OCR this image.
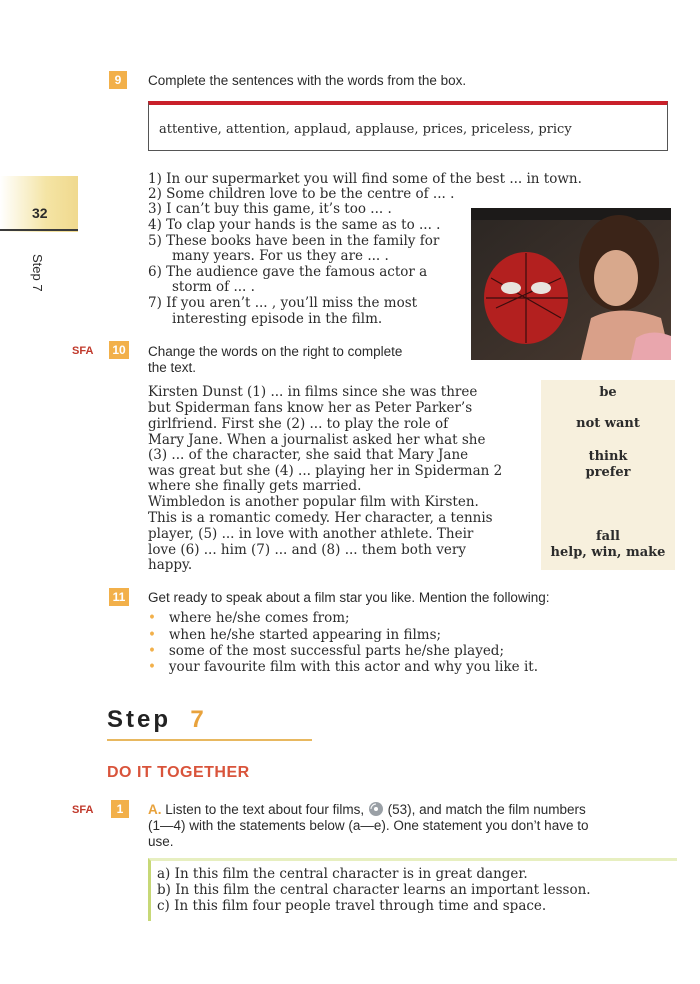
32
Step 7
9	Complete the sentences with the words from the box.
attentive, attention, applaud, applause, prices, priceless, pricy
1) In our supermarket you will find some of the best ... in town.
2) Some children love to be the centre of ... .
3) I can’t buy this game, it’s too ... .
4) To clap your hands is the same as to ... .
5) These books have been in the family for
many years. For us they are ... .
6) The audience gave the famous actor a
storm of ... .
7) If you aren’t ... , you’ll miss the most
interesting episode in the film.
SFA 10 Change the words on the right to complete
the text.
Kirsten Dunst (1) ... in films since she was three
but Spiderman fans know her as Peter Parker’s
girlfriend. First she (2) ... to play the role of
Mary Jane. When a journalist asked her what she
(3) ... of the character, she said that Mary Jane
was great but she (4) ... playing her in Spiderman 2
where she finally gets married.
Wimbledon is another popular film with Kirsten.
This is a romantic comedy. Her character, a tennis
player, (5) ... in love with another athlete. Their
love (6) ... him (7) ... and (8) ... them both very
happy.
be
not want
think
prefer
fall
help, win, make
11 Get ready to speak about a film star you like. Mention the following:
• where he/she comes from;
• when he/she started appearing in films;
• some of the most successful parts he/she played;
• your favourite film with this actor and why you like it.
Step 7
DO IT TOGETHER
SFA	1	A. Listen to the text about four films, (53), and match the film numbers
(1—4) with the statements below (a—e). One statement you don’t have to
use.
a) In this film the central character is in great danger.
b) In this film the central character learns an important lesson.
c) In this film four people travel through time and space.
